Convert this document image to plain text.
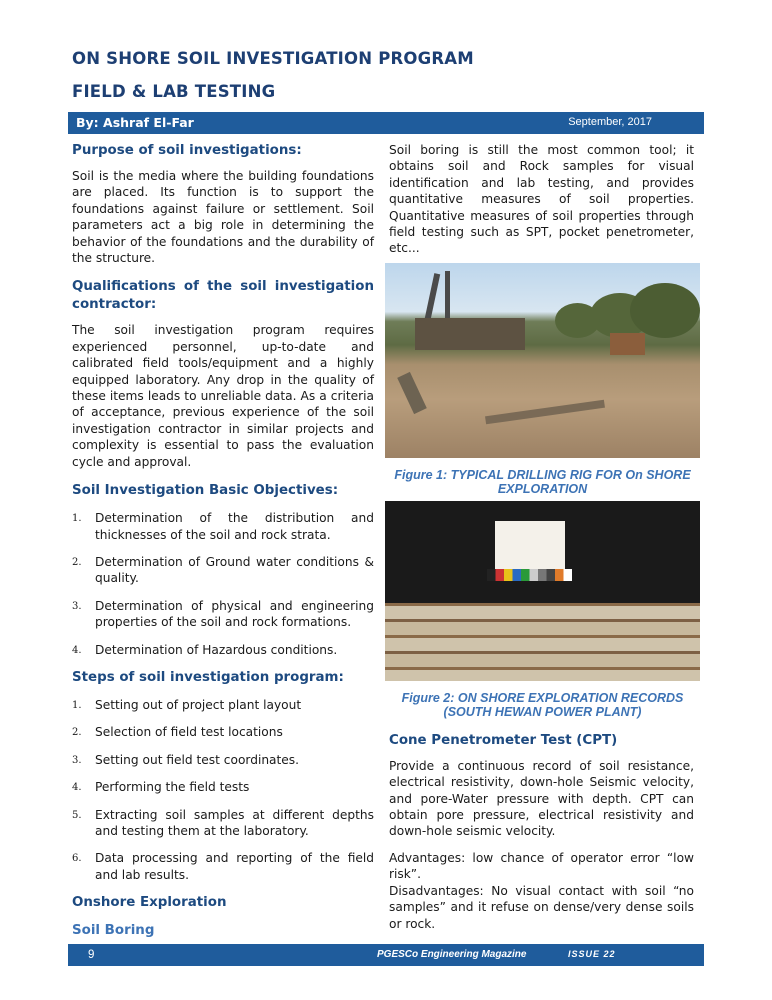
ON SHORE SOIL INVESTIGATION PROGRAM
FIELD & LAB TESTING
By: Ashraf El-Far	September, 2017
Purpose of soil investigations:

Soil is the media where the building foundations are placed. Its function is to support the foundations against failure or settlement. Soil parameters act a big role in determining the behavior of the foundations and the durability of the structure.

Qualifications of the soil investigation contractor:

The soil investigation program requires experienced personnel, up-to-date and calibrated field tools/equipment and a highly equipped laboratory. Any drop in the quality of these items leads to unreliable data. As a criteria of acceptance, previous experience of the soil investigation contractor in similar projects and complexity is essential to pass the evaluation cycle and approval.

Soil Investigation Basic Objectives:
1. Determination of the distribution and thicknesses of the soil and rock strata.
2. Determination of Ground water conditions & quality.
3. Determination of physical and engineering properties of the soil and rock formations.
4. Determination of Hazardous conditions.
Steps of soil investigation program:
1. Setting out of project plant layout
2. Selection of field test locations
3. Setting out field test coordinates.
4. Performing the field tests
5. Extracting soil samples at different depths and testing them at the laboratory.
6. Data processing and reporting of the field and lab results.
Onshore Exploration
Soil Boring

Soil boring is still the most common tool; it obtains soil and Rock samples for visual identification and lab testing, and provides quantitative measures of soil properties. Quantitative measures of soil properties through field testing such as SPT, pocket penetrometer, etc...

Figure 1: TYPICAL DRILLING RIG FOR On SHORE EXPLORATION
Figure 2: ON SHORE EXPLORATION RECORDS (SOUTH HEWAN POWER PLANT)
Cone Penetrometer Test (CPT)

Provide a continuous record of soil resistance, electrical resistivity, down-hole Seismic velocity, and pore-Water pressure with depth. CPT can obtain pore pressure, electrical resistivity and down-hole seismic velocity.

Advantages: low chance of operator error “low risk”.

Disadvantages: No visual contact with soil “no samples” and it refuse on dense/very dense soils or rock.

9	PGESCo Engineering Magazine	ISSUE 22
